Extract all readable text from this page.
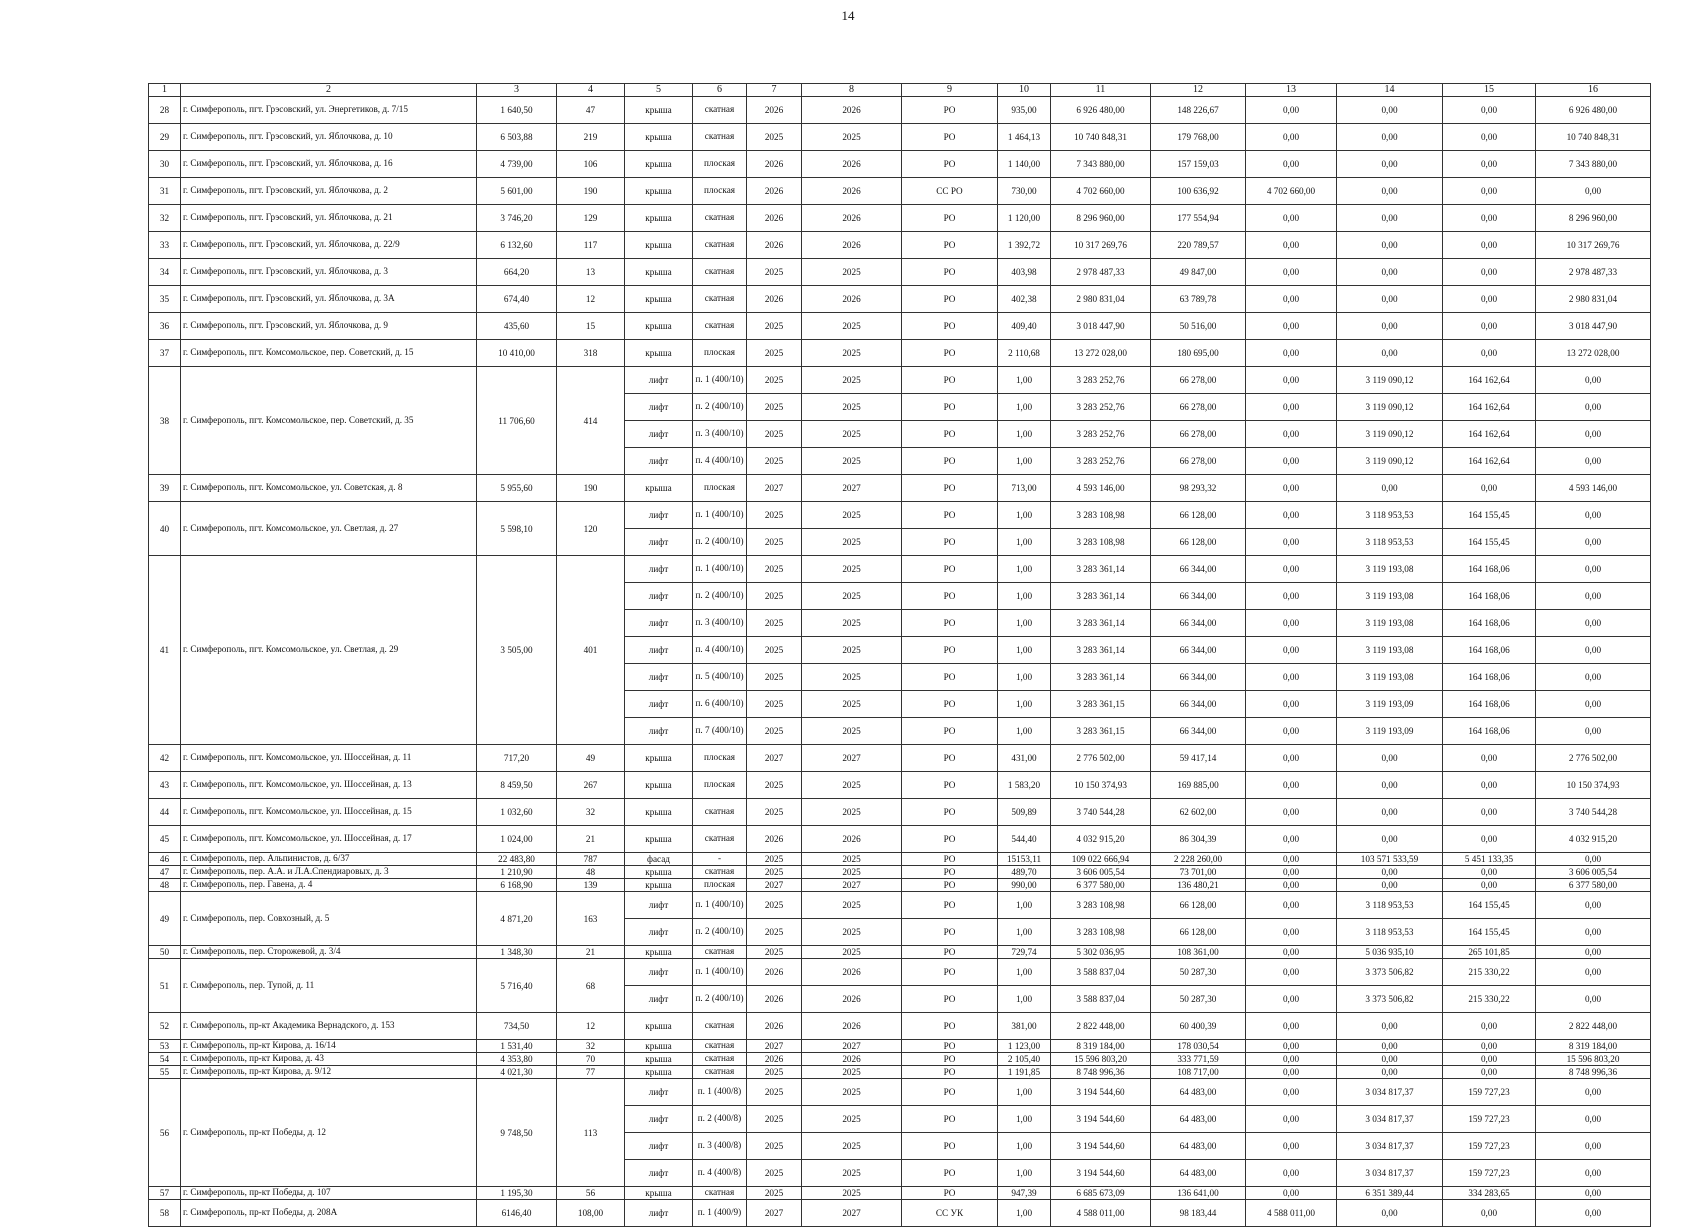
14
1	2	3	4	5	6	7	8	9	10	11	12	13	14	15	16
28	г. Симферополь, пгт. Грэсовский, ул. Энергетиков, д. 7/15	1 640,50	47	крыша	скатная	2026	2026	РО	935,00	6 926 480,00	148 226,67	0,00	0,00	0,00	6 926 480,00
29	г. Симферополь, пгт. Грэсовский, ул. Яблочкова, д. 10	6 503,88	219	крыша	скатная	2025	2025	РО	1 464,13	10 740 848,31	179 768,00	0,00	0,00	0,00	10 740 848,31
30	г. Симферополь, пгт. Грэсовский, ул. Яблочкова, д. 16	4 739,00	106	крыша	плоская	2026	2026	РО	1 140,00	7 343 880,00	157 159,03	0,00	0,00	0,00	7 343 880,00
31	г. Симферополь, пгт. Грэсовский, ул. Яблочкова, д. 2	5 601,00	190	крыша	плоская	2026	2026	СС РО	730,00	4 702 660,00	100 636,92	4 702 660,00	0,00	0,00	0,00
32	г. Симферополь, пгт. Грэсовский, ул. Яблочкова, д. 21	3 746,20	129	крыша	скатная	2026	2026	РО	1 120,00	8 296 960,00	177 554,94	0,00	0,00	0,00	8 296 960,00
33	г. Симферополь, пгт. Грэсовский, ул. Яблочкова, д. 22/9	6 132,60	117	крыша	скатная	2026	2026	РО	1 392,72	10 317 269,76	220 789,57	0,00	0,00	0,00	10 317 269,76
34	г. Симферополь, пгт. Грэсовский, ул. Яблочкова, д. 3	664,20	13	крыша	скатная	2025	2025	РО	403,98	2 978 487,33	49 847,00	0,00	0,00	0,00	2 978 487,33
35	г. Симферополь, пгт. Грэсовский, ул. Яблочкова, д. 3А	674,40	12	крыша	скатная	2026	2026	РО	402,38	2 980 831,04	63 789,78	0,00	0,00	0,00	2 980 831,04
36	г. Симферополь, пгт. Грэсовский, ул. Яблочкова, д. 9	435,60	15	крыша	скатная	2025	2025	РО	409,40	3 018 447,90	50 516,00	0,00	0,00	0,00	3 018 447,90
37	г. Симферополь, пгт. Комсомольское, пер. Советский, д. 15	10 410,00	318	крыша	плоская	2025	2025	РО	2 110,68	13 272 028,00	180 695,00	0,00	0,00	0,00	13 272 028,00
38	г. Симферополь, пгт. Комсомольское, пер. Советский, д. 35	11 706,60	414	лифт	п. 1 (400/10)	2025	2025	РО	1,00	3 283 252,76	66 278,00	0,00	3 119 090,12	164 162,64	0,00
				лифт	п. 2 (400/10)	2025	2025	РО	1,00	3 283 252,76	66 278,00	0,00	3 119 090,12	164 162,64	0,00
				лифт	п. 3 (400/10)	2025	2025	РО	1,00	3 283 252,76	66 278,00	0,00	3 119 090,12	164 162,64	0,00
				лифт	п. 4 (400/10)	2025	2025	РО	1,00	3 283 252,76	66 278,00	0,00	3 119 090,12	164 162,64	0,00
39	г. Симферополь, пгт. Комсомольское, ул. Советская, д. 8	5 955,60	190	крыша	плоская	2027	2027	РО	713,00	4 593 146,00	98 293,32	0,00	0,00	0,00	4 593 146,00
40	г. Симферополь, пгт. Комсомольское, ул. Светлая, д. 27	5 598,10	120	лифт	п. 1 (400/10)	2025	2025	РО	1,00	3 283 108,98	66 128,00	0,00	3 118 953,53	164 155,45	0,00
				лифт	п. 2 (400/10)	2025	2025	РО	1,00	3 283 108,98	66 128,00	0,00	3 118 953,53	164 155,45	0,00
41	г. Симферополь, пгт. Комсомольское, ул. Светлая, д. 29	3 505,00	401	лифт	п. 1 (400/10)	2025	2025	РО	1,00	3 283 361,14	66 344,00	0,00	3 119 193,08	164 168,06	0,00
				лифт	п. 2 (400/10)	2025	2025	РО	1,00	3 283 361,14	66 344,00	0,00	3 119 193,08	164 168,06	0,00
				лифт	п. 3 (400/10)	2025	2025	РО	1,00	3 283 361,14	66 344,00	0,00	3 119 193,08	164 168,06	0,00
				лифт	п. 4 (400/10)	2025	2025	РО	1,00	3 283 361,14	66 344,00	0,00	3 119 193,08	164 168,06	0,00
				лифт	п. 5 (400/10)	2025	2025	РО	1,00	3 283 361,14	66 344,00	0,00	3 119 193,08	164 168,06	0,00
				лифт	п. 6 (400/10)	2025	2025	РО	1,00	3 283 361,15	66 344,00	0,00	3 119 193,09	164 168,06	0,00
				лифт	п. 7 (400/10)	2025	2025	РО	1,00	3 283 361,15	66 344,00	0,00	3 119 193,09	164 168,06	0,00
42	г. Симферополь, пгт. Комсомольское, ул. Шоссейная, д. 11	717,20	49	крыша	плоская	2027	2027	РО	431,00	2 776 502,00	59 417,14	0,00	0,00	0,00	2 776 502,00
43	г. Симферополь, пгт. Комсомольское, ул. Шоссейная, д. 13	8 459,50	267	крыша	плоская	2025	2025	РО	1 583,20	10 150 374,93	169 885,00	0,00	0,00	0,00	10 150 374,93
44	г. Симферополь, пгт. Комсомольское, ул. Шоссейная, д. 15	1 032,60	32	крыша	скатная	2025	2025	РО	509,89	3 740 544,28	62 602,00	0,00	0,00	0,00	3 740 544,28
45	г. Симферополь, пгт. Комсомольское, ул. Шоссейная, д. 17	1 024,00	21	крыша	скатная	2026	2026	РО	544,40	4 032 915,20	86 304,39	0,00	0,00	0,00	4 032 915,20
46	г. Симферополь, пер. Альпинистов, д. 6/37	22 483,80	787	фасад	-	2025	2025	РО	15153,11	109 022 666,94	2 228 260,00	0,00	103 571 533,59	5 451 133,35	0,00
47	г. Симферополь, пер. А.А. и Л.А.Спендиаровых, д. 3	1 210,90	48	крыша	скатная	2025	2025	РО	489,70	3 606 005,54	73 701,00	0,00	0,00	0,00	3 606 005,54
48	г. Симферополь, пер. Гавена, д. 4	6 168,90	139	крыша	плоская	2027	2027	РО	990,00	6 377 580,00	136 480,21	0,00	0,00	0,00	6 377 580,00
49	г. Симферополь, пер. Совхозный, д. 5	4 871,20	163	лифт	п. 1 (400/10)	2025	2025	РО	1,00	3 283 108,98	66 128,00	0,00	3 118 953,53	164 155,45	0,00
				лифт	п. 2 (400/10)	2025	2025	РО	1,00	3 283 108,98	66 128,00	0,00	3 118 953,53	164 155,45	0,00
50	г. Симферополь, пер. Сторожевой, д. 3/4	1 348,30	21	крыша	скатная	2025	2025	РО	729,74	5 302 036,95	108 361,00	0,00	5 036 935,10	265 101,85	0,00
51	г. Симферополь, пер. Тупой, д. 11	5 716,40	68	лифт	п. 1 (400/10)	2026	2026	РО	1,00	3 588 837,04	50 287,30	0,00	3 373 506,82	215 330,22	0,00
				лифт	п. 2 (400/10)	2026	2026	РО	1,00	3 588 837,04	50 287,30	0,00	3 373 506,82	215 330,22	0,00
52	г. Симферополь, пр-кт Академика Вернадского, д. 153	734,50	12	крыша	скатная	2026	2026	РО	381,00	2 822 448,00	60 400,39	0,00	0,00	0,00	2 822 448,00
53	г. Симферополь, пр-кт Кирова, д. 16/14	1 531,40	32	крыша	скатная	2027	2027	РО	1 123,00	8 319 184,00	178 030,54	0,00	0,00	0,00	8 319 184,00
54	г. Симферополь, пр-кт Кирова, д. 43	4 353,80	70	крыша	скатная	2026	2026	РО	2 105,40	15 596 803,20	333 771,59	0,00	0,00	0,00	15 596 803,20
55	г. Симферополь, пр-кт Кирова, д. 9/12	4 021,30	77	крыша	скатная	2025	2025	РО	1 191,85	8 748 996,36	108 717,00	0,00	0,00	0,00	8 748 996,36
56	г. Симферополь, пр-кт Победы, д. 12	9 748,50	113	лифт	п. 1 (400/8)	2025	2025	РО	1,00	3 194 544,60	64 483,00	0,00	3 034 817,37	159 727,23	0,00
				лифт	п. 2 (400/8)	2025	2025	РО	1,00	3 194 544,60	64 483,00	0,00	3 034 817,37	159 727,23	0,00
				лифт	п. 3 (400/8)	2025	2025	РО	1,00	3 194 544,60	64 483,00	0,00	3 034 817,37	159 727,23	0,00
				лифт	п. 4 (400/8)	2025	2025	РО	1,00	3 194 544,60	64 483,00	0,00	3 034 817,37	159 727,23	0,00
57	г. Симферополь, пр-кт Победы, д. 107	1 195,30	56	крыша	скатная	2025	2025	РО	947,39	6 685 673,09	136 641,00	0,00	6 351 389,44	334 283,65	0,00
58	г. Симферополь, пр-кт Победы, д. 208А	6146,40	108,00	лифт	п. 1 (400/9)	2027	2027	СС УК	1,00	4 588 011,00	98 183,44	4 588 011,00	0,00	0,00	0,00
